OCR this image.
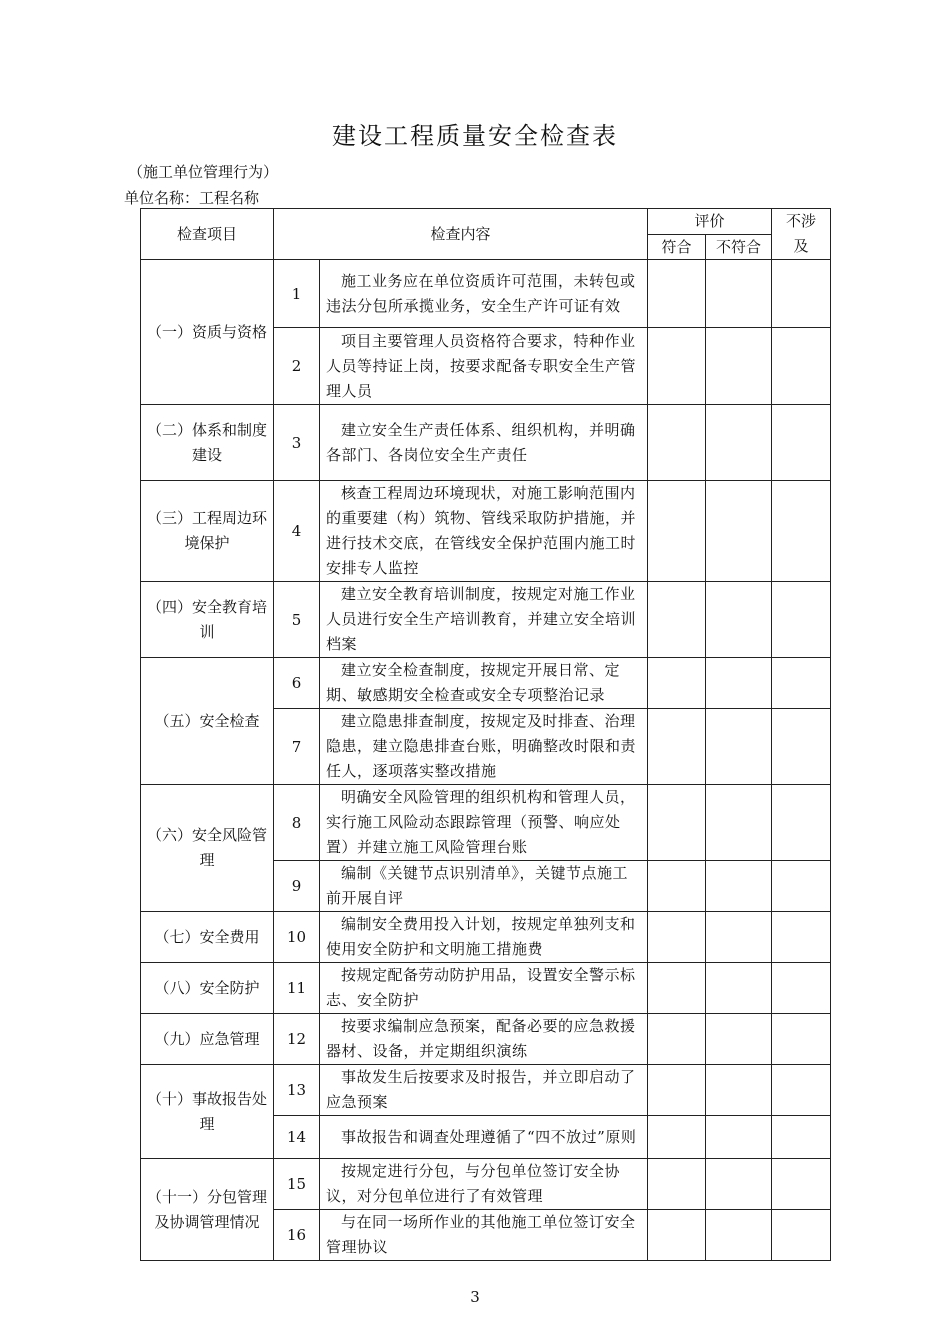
建设工程质量安全检查表
（施工单位管理行为）
单位名称：工程名称
检查项目	检查内容		评价		不涉及
			符合	不符合	
（一）资质与资格	1	施工业务应在单位资质许可范围，未转包或违法分包所承揽业务，安全生产许可证有效			
	2	项目主要管理人员资格符合要求，特种作业人员等持证上岗，按要求配备专职安全生产管理人员			
（二）体系和制度建设	3	建立安全生产责任体系、组织机构，并明确各部门、各岗位安全生产责任			
（三）工程周边环境保护	4	核查工程周边环境现状，对施工影响范围内的重要建（构）筑物、管线采取防护措施，并进行技术交底，在管线安全保护范围内施工时安排专人监控			
（四）安全教育培训	5	建立安全教育培训制度，按规定对施工作业人员进行安全生产培训教育，并建立安全培训档案			
（五）安全检查	6	建立安全检查制度，按规定开展日常、定期、敏感期安全检查或安全专项整治记录			
	7	建立隐患排查制度，按规定及时排查、治理隐患，建立隐患排查台账，明确整改时限和责任人，逐项落实整改措施			
（六）安全风险管理	8	明确安全风险管理的组织机构和管理人员，实行施工风险动态跟踪管理（预警、响应处置）并建立施工风险管理台账			
	9	编制《关键节点识别清单》，关键节点施工前开展自评			
（七）安全费用	10	编制安全费用投入计划，按规定单独列支和使用安全防护和文明施工措施费			
（八）安全防护	11	按规定配备劳动防护用品，设置安全警示标志、安全防护			
（九）应急管理	12	按要求编制应急预案，配备必要的应急救援器材、设备，并定期组织演练			
（十）事故报告处理	13	事故发生后按要求及时报告，并立即启动了应急预案			
	14	事故报告和调查处理遵循了“四不放过”原则			
（十一）分包管理及协调管理情况	15	按规定进行分包，与分包单位签订安全协议，对分包单位进行了有效管理			
	16	与在同一场所作业的其他施工单位签订安全管理协议			
3
